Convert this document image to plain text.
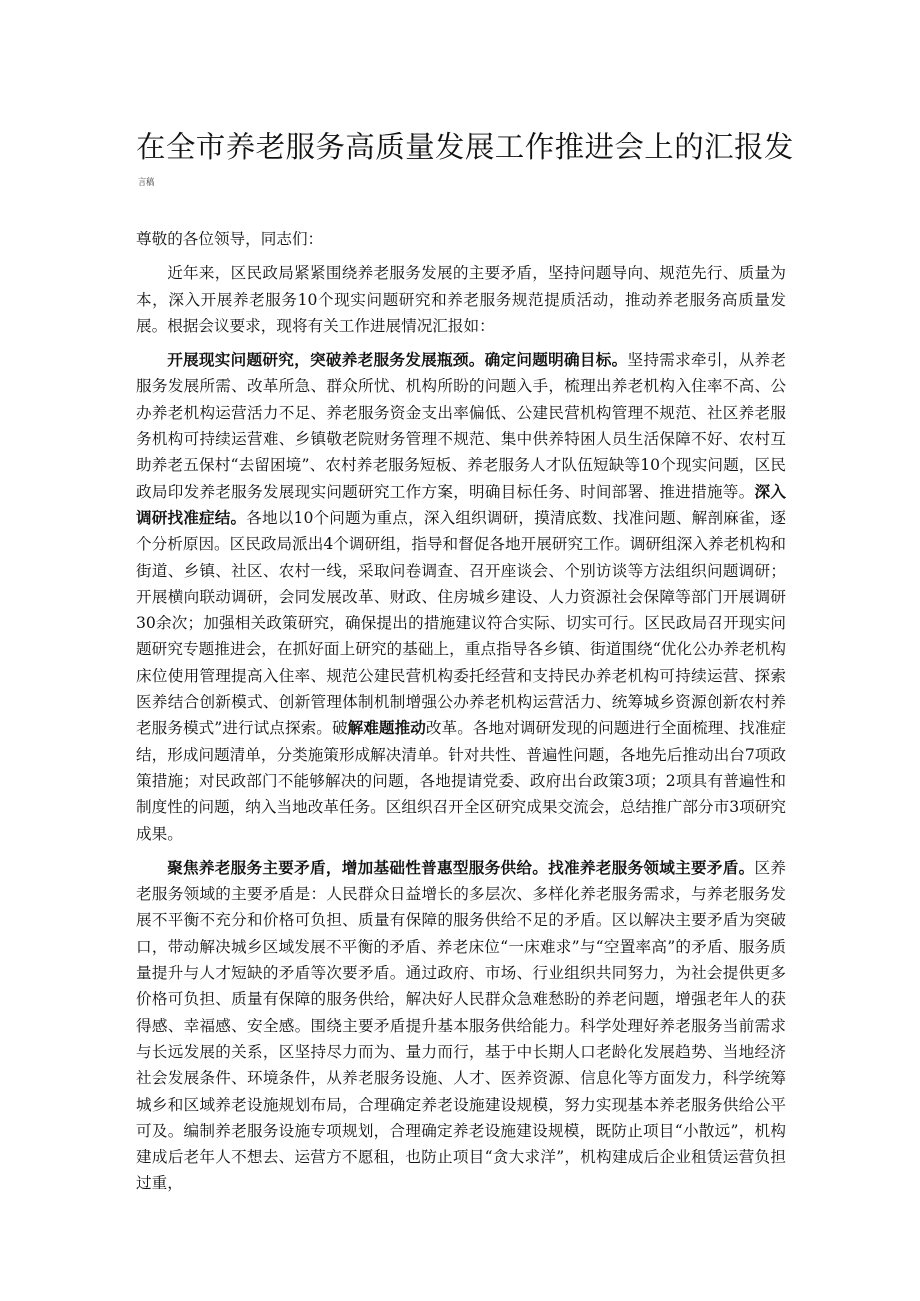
在全市养老服务高质量发展工作推进会上的汇报发
言稿

尊敬的各位领导，同志们：

近年来，区民政局紧紧围绕养老服务发展的主要矛盾，坚持问题导向、规范先行、质量为本，深入开展养老服务10个现实问题研究和养老服务规范提质活动，推动养老服务高质量发展。根据会议要求，现将有关工作进展情况汇报如：

开展现实问题研究，突破养老服务发展瓶颈。确定问题明确目标。坚持需求牵引，从养老服务发展所需、改革所急、群众所忧、机构所盼的问题入手，梳理出养老机构入住率不高、公办养老机构运营活力不足、养老服务资金支出率偏低、公建民营机构管理不规范、社区养老服务机构可持续运营难、乡镇敬老院财务管理不规范、集中供养特困人员生活保障不好、农村互助养老五保村“去留困境”、农村养老服务短板、养老服务人才队伍短缺等10个现实问题，区民政局印发养老服务发展现实问题研究工作方案，明确目标任务、时间部署、推进措施等。深入调研找准症结。各地以10个问题为重点，深入组织调研，摸清底数、找准问题、解剖麻雀，逐个分析原因。区民政局派出4个调研组，指导和督促各地开展研究工作。调研组深入养老机构和街道、乡镇、社区、农村一线，采取问卷调查、召开座谈会、个别访谈等方法组织问题调研；开展横向联动调研，会同发展改革、财政、住房城乡建设、人力资源社会保障等部门开展调研30余次；加强相关政策研究，确保提出的措施建议符合实际、切实可行。区民政局召开现实问题研究专题推进会，在抓好面上研究的基础上，重点指导各乡镇、街道围绕“优化公办养老机构床位使用管理提高入住率、规范公建民营机构委托经营和支持民办养老机构可持续运营、探索医养结合创新模式、创新管理体制机制增强公办养老机构运营活力、统筹城乡资源创新农村养老服务模式”进行试点探索。破解难题推动改革。各地对调研发现的问题进行全面梳理、找准症结，形成问题清单，分类施策形成解决清单。针对共性、普遍性问题，各地先后推动出台7项政策措施；对民政部门不能够解决的问题，各地提请党委、政府出台政策3项；2项具有普遍性和制度性的问题，纳入当地改革任务。区组织召开全区研究成果交流会，总结推广部分市3项研究成果。

聚焦养老服务主要矛盾，增加基础性普惠型服务供给。找准养老服务领域主要矛盾。区养老服务领域的主要矛盾是：人民群众日益增长的多层次、多样化养老服务需求，与养老服务发展不平衡不充分和价格可负担、质量有保障的服务供给不足的矛盾。区以解决主要矛盾为突破口，带动解决城乡区域发展不平衡的矛盾、养老床位“一床难求”与“空置率高”的矛盾、服务质量提升与人才短缺的矛盾等次要矛盾。通过政府、市场、行业组织共同努力，为社会提供更多价格可负担、质量有保障的服务供给，解决好人民群众急难愁盼的养老问题，增强老年人的获得感、幸福感、安全感。围绕主要矛盾提升基本服务供给能力。科学处理好养老服务当前需求与长远发展的关系，区坚持尽力而为、量力而行，基于中长期人口老龄化发展趋势、当地经济社会发展条件、环境条件，从养老服务设施、人才、医养资源、信息化等方面发力，科学统筹城乡和区域养老设施规划布局，合理确定养老设施建设规模，努力实现基本养老服务供给公平可及。编制养老服务设施专项规划，合理确定养老设施建设规模，既防止项目“小散远”，机构建成后老年人不想去、运营方不愿租，也防止项目“贪大求洋”，机构建成后企业租赁运营负担过重，
